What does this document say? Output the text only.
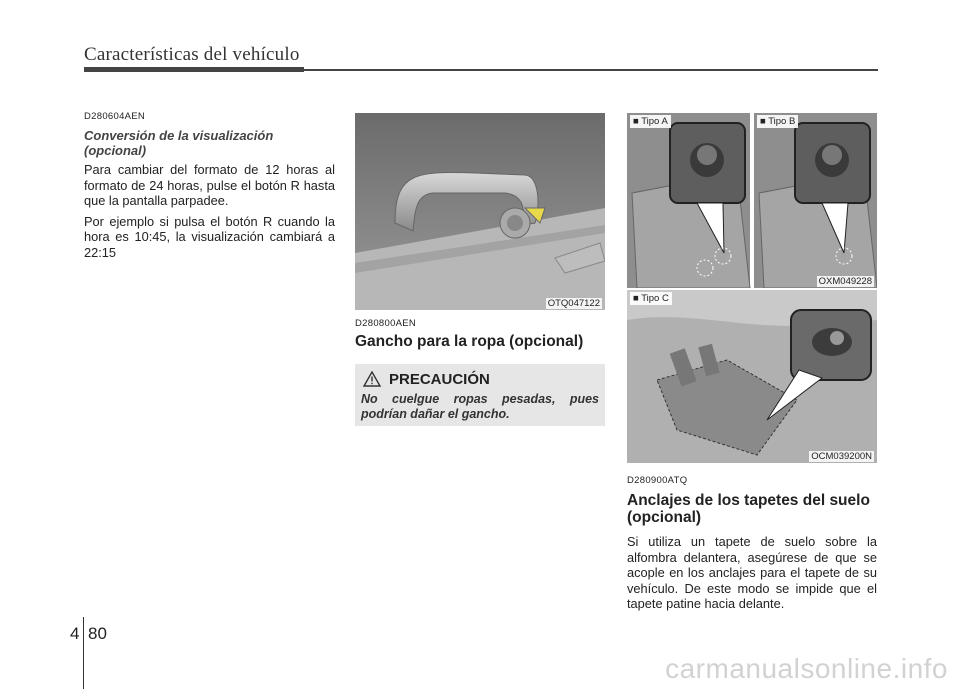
Características del vehículo
D280604AEN
Conversión de la visualización (opcional)

Para cambiar del formato de 12 horas al formato de 24 horas, pulse el botón R hasta que la pantalla parpadee.

Por ejemplo si pulsa el botón R cuando la hora es 10:45, la visualización cambiará a 22:15

OTQ047122
D280800AEN
Gancho para la ropa (opcional)
PRECAUCIÓN
No cuelgue ropas pesadas, pues podrían dañar el gancho.
■ Tipo A	■ Tipo B
OXM049228
■ Tipo C
OCM039200N
D280900ATQ
Anclajes de los tapetes del suelo (opcional)

Si utiliza un tapete de suelo sobre la alfombra delantera, asegúrese de que se acople en los anclajes para el tapete de su vehículo. De este modo se impide que el tapete patine hacia delante.

4 80
carmanualsonline.info
